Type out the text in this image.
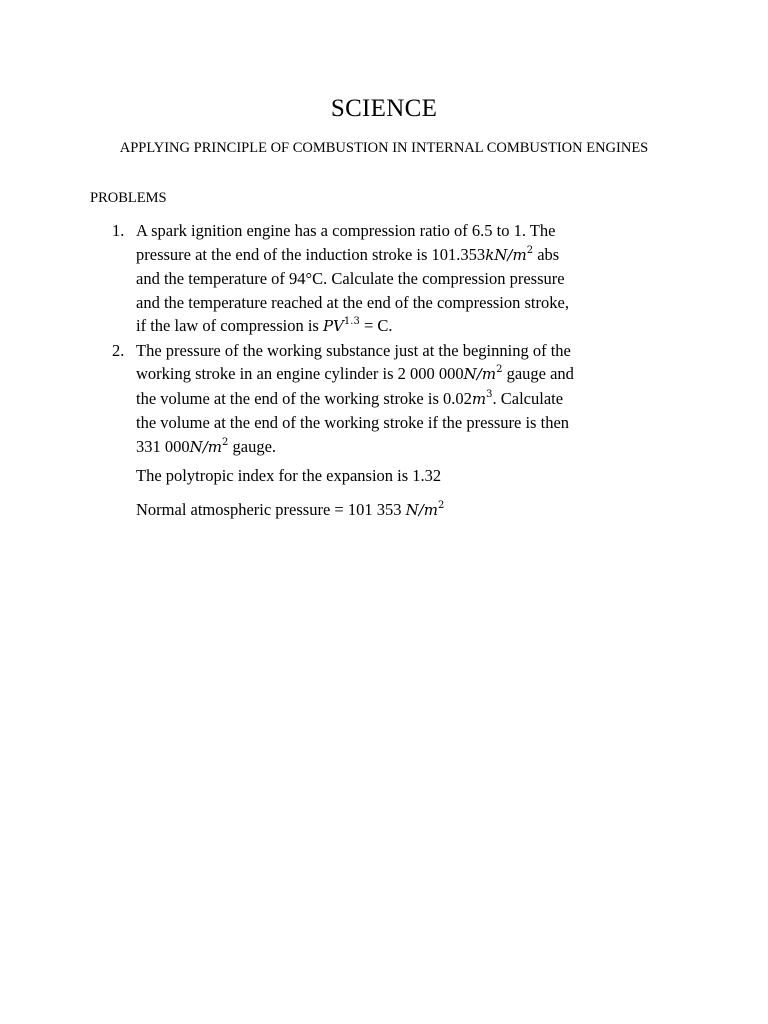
SCIENCE
APPLYING PRINCIPLE OF COMBUSTION IN INTERNAL COMBUSTION ENGINES
PROBLEMS
1. A spark ignition engine has a compression ratio of 6.5 to 1. The
pressure at the end of the induction stroke is $101.353kN/m^2$ abs
and the temperature of 94°C. Calculate the compression pressure
and the temperature reached at the end of the compression stroke,
if the law of compression is $PV^{1.3} = C$.
2. The pressure of the working substance just at the beginning of the
working stroke in an engine cylinder is 2 000 $000N/m^2$ gauge and
the volume at the end of the working stroke is $0.02m^3$. Calculate
the volume at the end of the working stroke if the pressure is then
331 $000N/m^2$ gauge.
The polytropic index for the expansion is 1.32
Normal atmospheric pressure = 101 353 $N/m^2$
